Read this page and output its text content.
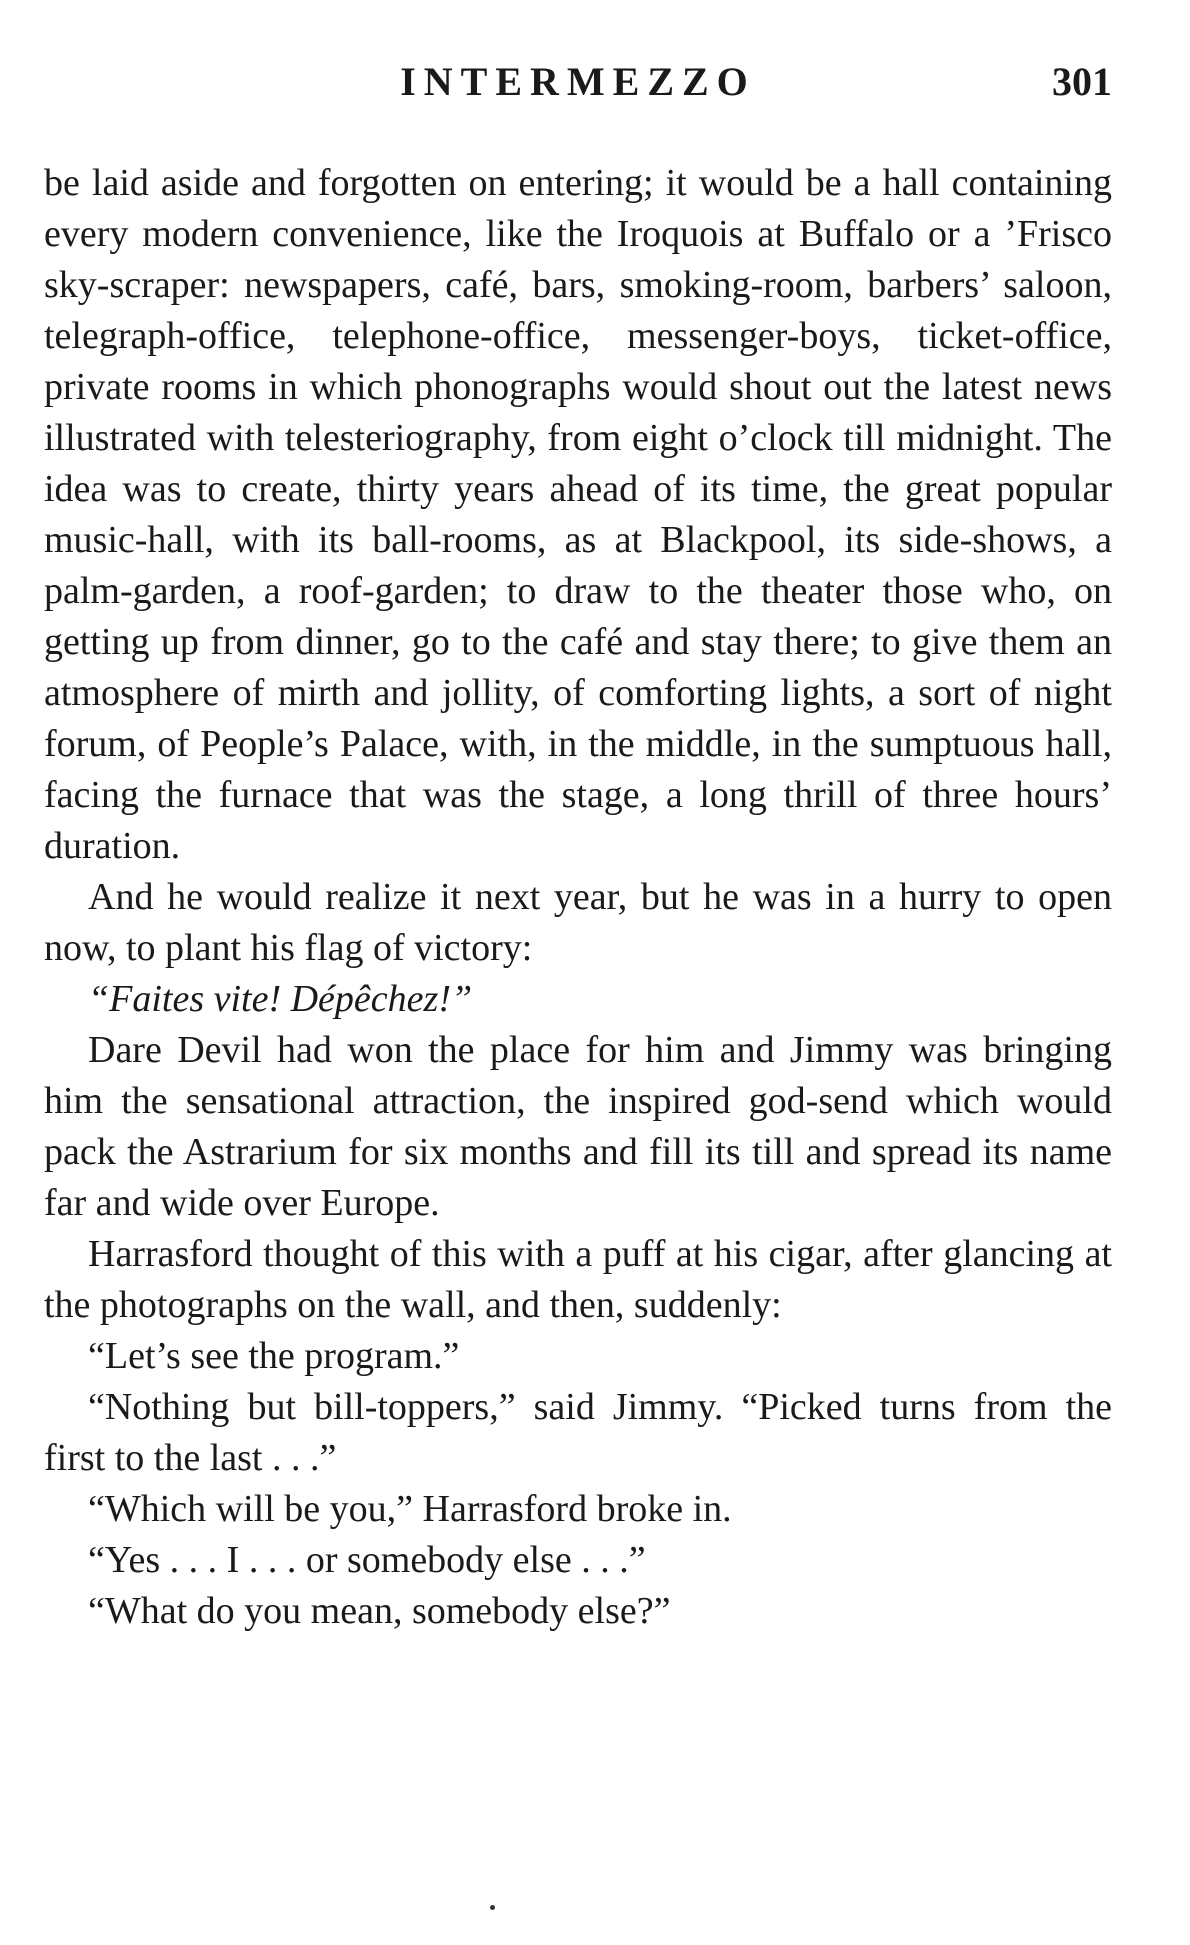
INTERMEZZO	301

be laid aside and forgotten on entering; it would be a hall containing every modern convenience, like the Iroquois at Buffalo or a ’Frisco sky-scraper: newspapers, café, bars, smoking-room, barbers’ saloon, telegraph-office, telephone-office, messenger-boys, ticket-office, private rooms in which phonographs would shout out the latest news illustrated with telesteriography, from eight o’clock till midnight. The idea was to create, thirty years ahead of its time, the great popular music-hall, with its ball-rooms, as at Blackpool, its side-shows, a palm-garden, a roof-garden; to draw to the theater those who, on getting up from dinner, go to the café and stay there; to give them an atmosphere of mirth and jollity, of comforting lights, a sort of night forum, of People’s Palace, with, in the middle, in the sumptuous hall, facing the furnace that was the stage, a long thrill of three hours’ duration.

And he would realize it next year, but he was in a hurry to open now, to plant his flag of victory:

“Faites vite! Dépêchez!”

Dare Devil had won the place for him and Jimmy was bringing him the sensational attraction, the inspired god-send which would pack the Astrarium for six months and fill its till and spread its name far and wide over Europe.

Harrasford thought of this with a puff at his cigar, after glancing at the photographs on the wall, and then, suddenly:

“Let’s see the program.”

“Nothing but bill-toppers,” said Jimmy. “Picked turns from the first to the last . . .”

“Which will be you,” Harrasford broke in.

“Yes . . . I . . . or somebody else . . .”

“What do you mean, somebody else?”
